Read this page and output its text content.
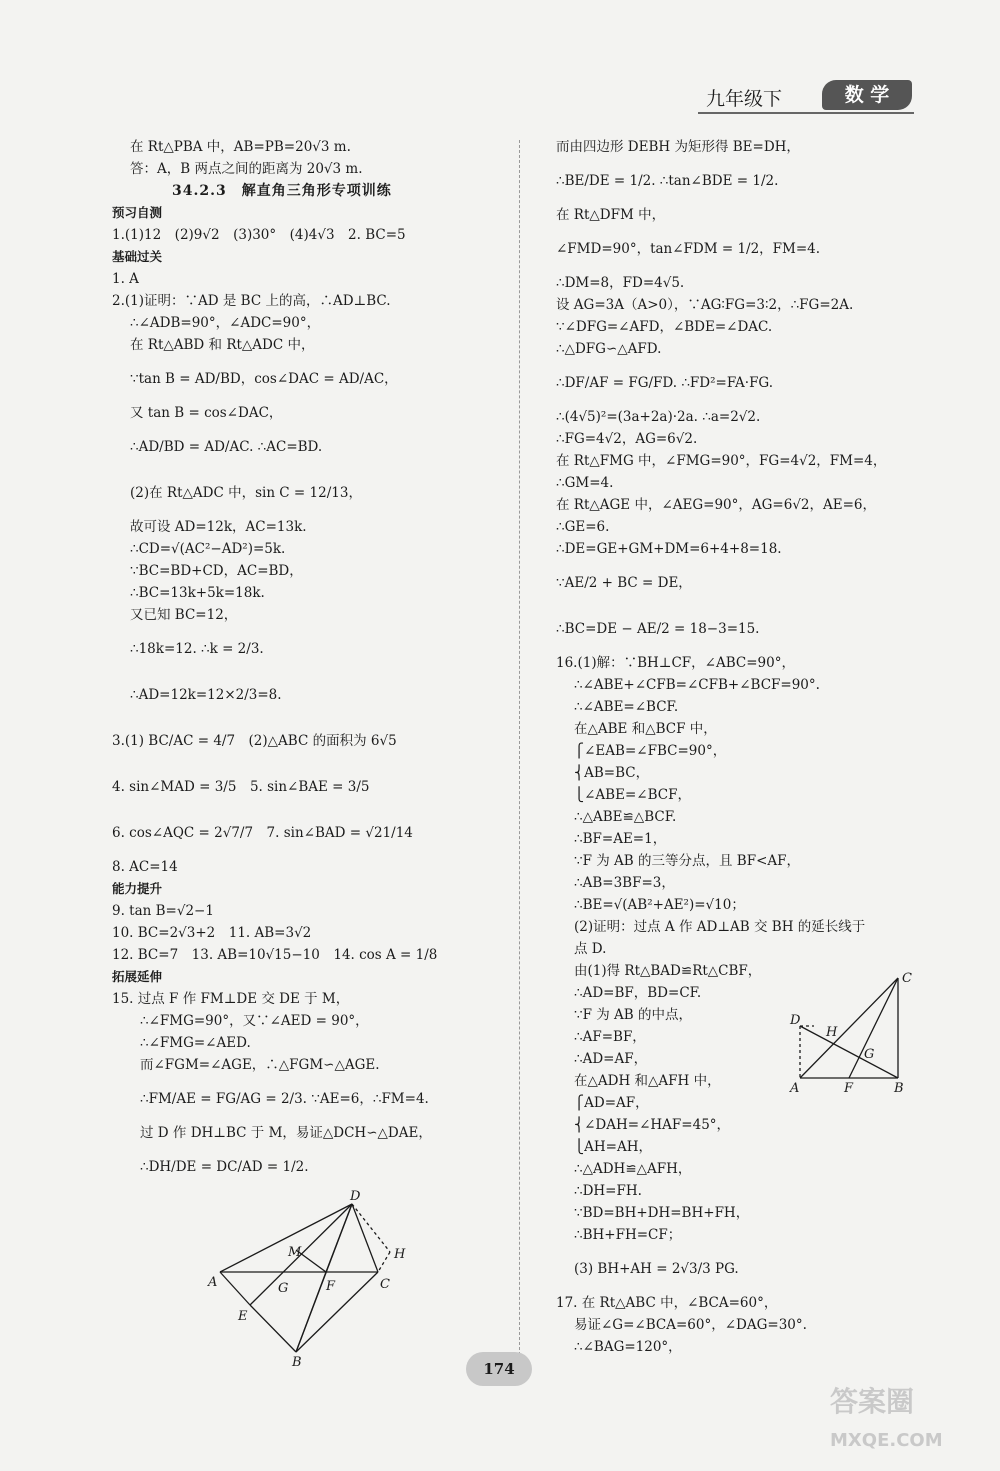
九年级下	数 学
在 Rt△PBA 中，AB=PB=20√3 m.
答：A，B 两点之间的距离为 20√3 m.
34.2.3　解直角三角形专项训练
预习自测
1.(1)12　(2)9√2　(3)30°　(4)4√3　2. BC=5
基础过关
1. A
2.(1)证明：∵AD 是 BC 上的高，∴AD⊥BC.
∴∠ADB=90°，∠ADC=90°，
在 Rt△ABD 和 Rt△ADC 中，
∵tan B = AD/BD，cos∠DAC = AD/AC，
又 tan B = cos∠DAC，
∴AD/BD = AD/AC. ∴AC=BD.
(2)在 Rt△ADC 中，sin C = 12/13，
故可设 AD=12k，AC=13k.
∴CD=√(AC²−AD²)=5k.
∵BC=BD+CD，AC=BD，
∴BC=13k+5k=18k.
又已知 BC=12，
∴18k=12. ∴k = 2/3.
∴AD=12k=12×2/3=8.
3.(1) BC/AC = 4/7　(2)△ABC 的面积为 6√5
4. sin∠MAD = 3/5　5. sin∠BAE = 3/5
6. cos∠AQC = 2√7/7　7. sin∠BAD = √21/14
8. AC=14
能力提升
9. tan B=√2−1
10. BC=2√3+2　11. AB=3√2
12. BC=7　13. AB=10√15−10　14. cos A = 1/8
拓展延伸
15. 过点 F 作 FM⊥DE 交 DE 于 M，
∴∠FMG=90°，又∵∠AED = 90°，
∴∠FMG=∠AED.
而∠FGM=∠AGE，∴△FGM∽△AGE.
∴FM/AE = FG/AG = 2/3. ∵AE=6，∴FM=4.
过 D 作 DH⊥BC 于 M，易证△DCH∽△DAE，
∴DH/DE = DC/AD = 1/2.
而由四边形 DEBH 为矩形得 BE=DH，
∴BE/DE = 1/2. ∴tan∠BDE = 1/2.
在 Rt△DFM 中，
∠FMD=90°，tan∠FDM = 1/2，FM=4.
∴DM=8，FD=4√5.
设 AG=3A（A>0），∵AG∶FG=3∶2，∴FG=2A.
∵∠DFG=∠AFD，∠BDE=∠DAC.
∴△DFG∽△AFD.
∴DF/AF = FG/FD. ∴FD²=FA·FG.
∴(4√5)²=(3a+2a)·2a. ∴a=2√2.
∴FG=4√2，AG=6√2.
在 Rt△FMG 中，∠FMG=90°，FG=4√2，FM=4，
∴GM=4.
在 Rt△AGE 中，∠AEG=90°，AG=6√2，AE=6，
∴GE=6.
∴DE=GE+GM+DM=6+4+8=18.
∵AE/2 + BC = DE，
∴BC=DE − AE/2 = 18−3=15.
16.(1)解：∵BH⊥CF，∠ABC=90°，
∴∠ABE+∠CFB=∠CFB+∠BCF=90°.
∴∠ABE=∠BCF.
在△ABE 和△BCF 中，
⎧∠EAB=∠FBC=90°，
⎨AB=BC，
⎩∠ABE=∠BCF，
∴△ABE≌△BCF.
∴BF=AE=1，
∵F 为 AB 的三等分点，且 BF<AF，
∴AB=3BF=3，
∴BE=√(AB²+AE²)=√10；
(2)证明：过点 A 作 AD⊥AB 交 BH 的延长线于
点 D.
由(1)得 Rt△BAD≌Rt△CBF，
∴AD=BF，BD=CF.
∵F 为 AB 的中点，
∴AF=BF，
∴AD=AF，
在△ADH 和△AFH 中，
⎧AD=AF，
⎨∠DAH=∠HAF=45°，
⎩AH=AH，
∴△ADH≌△AFH，
∴DH=FH.
∵BD=BH+DH=BH+FH，
∴BH+FH=CF；
(3) BH+AH = 2√3/3 PG.
17. 在 Rt△ABC 中，∠BCA=60°，
易证∠G=∠BCA=60°，∠DAG=30°.
∴∠BAG=120°，
D
A	C
E
B
M
G	F
H
C
D
H
G
A	F	B
174
答案圈
MXQE.COM
